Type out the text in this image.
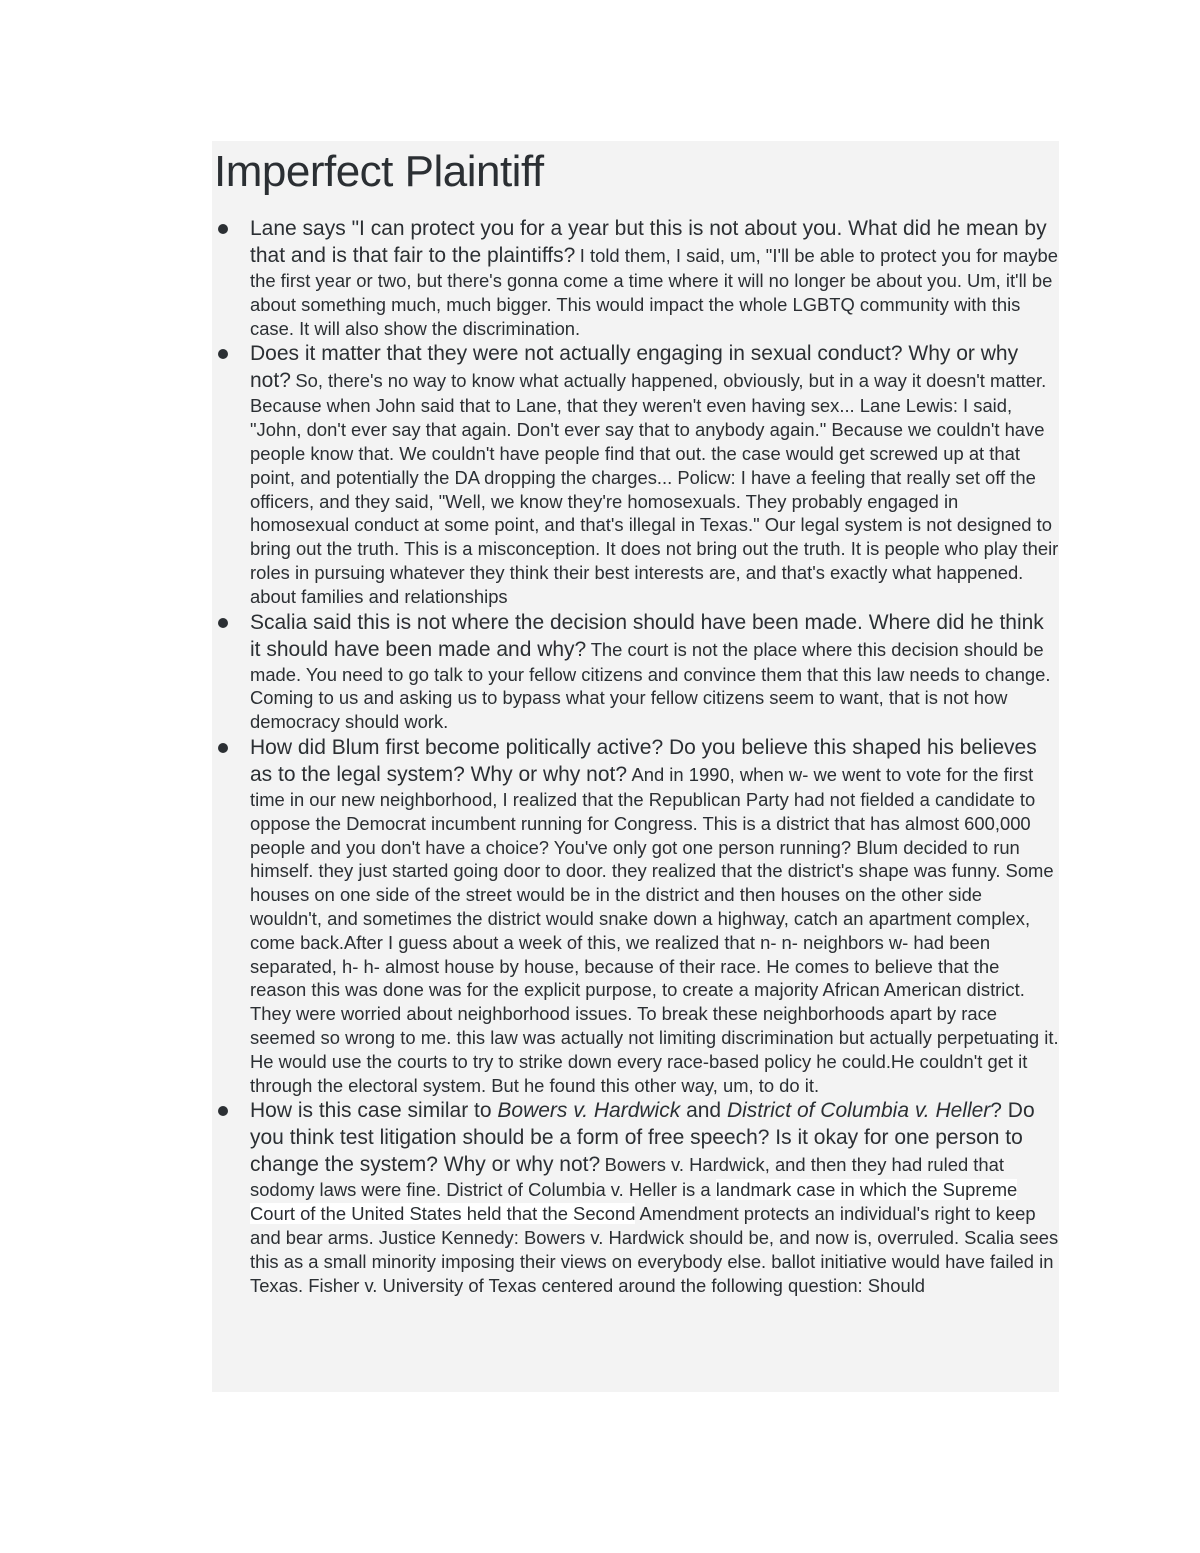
Imperfect Plaintiff
Lane says "I can protect you for a year but this is not about you. What did he mean by that and is that fair to the plaintiffs? I told them, I said, um, "I'll be able to protect you for maybe the first year or two, but there's gonna come a time where it will no longer be about you. Um, it'll be about something much, much bigger. This would impact the whole LGBTQ community with this case. It will also show the discrimination.
Does it matter that they were not actually engaging in sexual conduct? Why or why not? So, there's no way to know what actually happened, obviously, but in a way it doesn't matter. Because when John said that to Lane, that they weren't even having sex... Lane Lewis: I said, "John, don't ever say that again. Don't ever say that to anybody again." Because we couldn't have people know that. We couldn't have people find that out. the case would get screwed up at that point, and potentially the DA dropping the charges... Policw: I have a feeling that really set off the officers, and they said, "Well, we know they're homosexuals. They probably engaged in homosexual conduct at some point, and that's illegal in Texas." Our legal system is not designed to bring out the truth. This is a misconception. It does not bring out the truth. It is people who play their roles in pursuing whatever they think their best interests are, and that's exactly what happened. about families and relationships
Scalia said this is not where the decision should have been made. Where did he think it should have been made and why? The court is not the place where this decision should be made. You need to go talk to your fellow citizens and convince them that this law needs to change. Coming to us and asking us to bypass what your fellow citizens seem to want, that is not how democracy should work.
How did Blum first become politically active? Do you believe this shaped his believes as to the legal system? Why or why not? And in 1990, when w- we went to vote for the first time in our new neighborhood, I realized that the Republican Party had not fielded a candidate to oppose the Democrat incumbent running for Congress. This is a district that has almost 600,000 people and you don't have a choice? You've only got one person running? Blum decided to run himself. they just started going door to door. they realized that the district's shape was funny. Some houses on one side of the street would be in the district and then houses on the other side wouldn't, and sometimes the district would snake down a highway, catch an apartment complex, come back.After I guess about a week of this, we realized that n- n- neighbors w- had been separated, h- h- almost house by house, because of their race. He comes to believe that the reason this was done was for the explicit purpose, to create a majority African American district. They were worried about neighborhood issues. To break these neighborhoods apart by race seemed so wrong to me. this law was actually not limiting discrimination but actually perpetuating it. He would use the courts to try to strike down every race-based policy he could.He couldn't get it through the electoral system. But he found this other way, um, to do it.
How is this case similar to Bowers v. Hardwick and District of Columbia v. Heller? Do you think test litigation should be a form of free speech? Is it okay for one person to change the system? Why or why not? Bowers v. Hardwick, and then they had ruled that sodomy laws were fine. District of Columbia v. Heller is a landmark case in which the Supreme Court of the United States held that the Second Amendment protects an individual's right to keep and bear arms. Justice Kennedy: Bowers v. Hardwick should be, and now is, overruled. Scalia sees this as a small minority imposing their views on everybody else. ballot initiative would have failed in Texas. Fisher v. University of Texas centered around the following question: Should
